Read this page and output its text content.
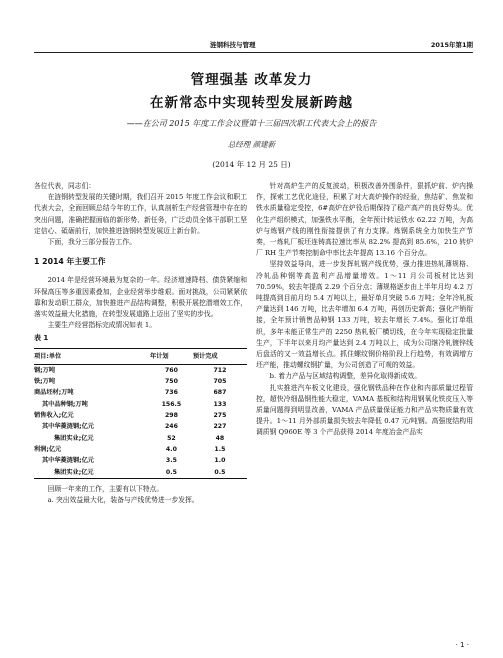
涟钢科技与管理	2015年第1期
管理强基 改革发力
在新常态中实现转型发展新跨越
——在公司 2015 年度工作会议暨第十三届四次职工代表大会上的报告
总经理 颜建新
(2014 年 12 月 25 日)

各位代表，同志们：

在涟钢转型发展的关键时期，我们召开 2015 年度工作会议和职工代表大会，全面回顾总结今年的工作，认真剖析生产经营管理中存在的突出问题，准确把握面临的新形势、新任务，广泛动员全体干部职工坚定信心、砥砺前行，加快推进涟钢转型发展迈上新台阶。

下面，我分三部分报告工作。

1 2014 年主要工作

2014 年是经营环境最为复杂的一年。经济增速降档、债贷紧缩和环保高压等多重因素叠加，企业经营举步维艰。面对挑战，公司紧紧依靠和发动职工群众，加快推进产品结构调整，积极开展挖潜增效工作，落实效益最大化措施，在转型发展道路上迈出了坚实的步伐。

主要生产经营指标完成情况如表 1。

表 1

项目:单位	年计划	预计完成
钢;万吨	760	712
铁;万吨	750	705
商品坯材;万吨	736	687
其中品种钢;万吨	156.5	133
销售收入;亿元	298	275
其中华菱涟钢;亿元	246	227
集团实业;亿元	52	48
利润;亿元	4.0	1.5
其中华菱涟钢;亿元	3.5	1.0
集团实业;亿元	0.5	0.5

回顾一年来的工作，主要有以下特点。

a. 突出效益最大化，装备与产线优势进一步发挥。

针对高炉生产的反复波动，积极改善外围条件，狠抓炉前、炉内操作，探索工艺优化途径，积累了对大高炉操作的经验，焦结矿、焦炭和铁水质量稳定受控，6#高炉在炉役后期保持了稳产高产的良好势头。优化生产组织模式，加强铁水平衡，全年预计转运铁水 62.22 万吨，为高炉与炼钢产线的刚性衔接提供了有力支撑。炼钢系统全力加快生产节奏，一炼轧厂板坯连铸高拉速比率从 82.2% 提高到 85.6%，210 转炉厂 RH 生产节奏控制命中率比去年提高 13.16 个百分点。

坚持效益导向，进一步发挥轧钢产线优势，强力推进热轧薄规格、冷轧品种钢等高盈利产品增量增效。1～11 月公司板材比达到 70.59%，较去年提高 2.29 个百分点；薄规格逐步由上半年月均 4.2 万吨提高到目前月均 5.4 万吨以上，最好单月突破 5.6 万吨；全年冷轧板产量达到 146 万吨，比去年增加 6.4 万吨，再创历史新高；强化产销衔接，全年预计销售品种钢 133 万吨，较去年增长 7.4%。强化订单组织，多年未能正常生产的 2250 热轧板厂横切线，在今年实现稳定批量生产，下半年以来月均产量达到 2.4 万吨以上，成为公司继冷轧镀锌线后盘活的又一效益增长点。抓住螺纹钢价格阶段上行趋势，有效调增方坯产能，推动螺纹钢扩量，为公司创造了可观的效益。

b. 着力产品与区域结构调整，差异化取得新成效。

扎实推进汽车板文化建设，强化钢铁品种在作业和内部质量过程管控，超快冷细晶钢性能大稳定，VAMA 基板和结构用钢氧化铁皮压入等质量问题得到明显改善，VAMA 产品质量保证能力和产品实物质量有效提升。1～11 月外部质量损失较去年降低 0.47 元/吨钢。高强度结构用调质钢 Q960E 等 3 个产品获得 2014 年度冶金产品实

· 1 ·
